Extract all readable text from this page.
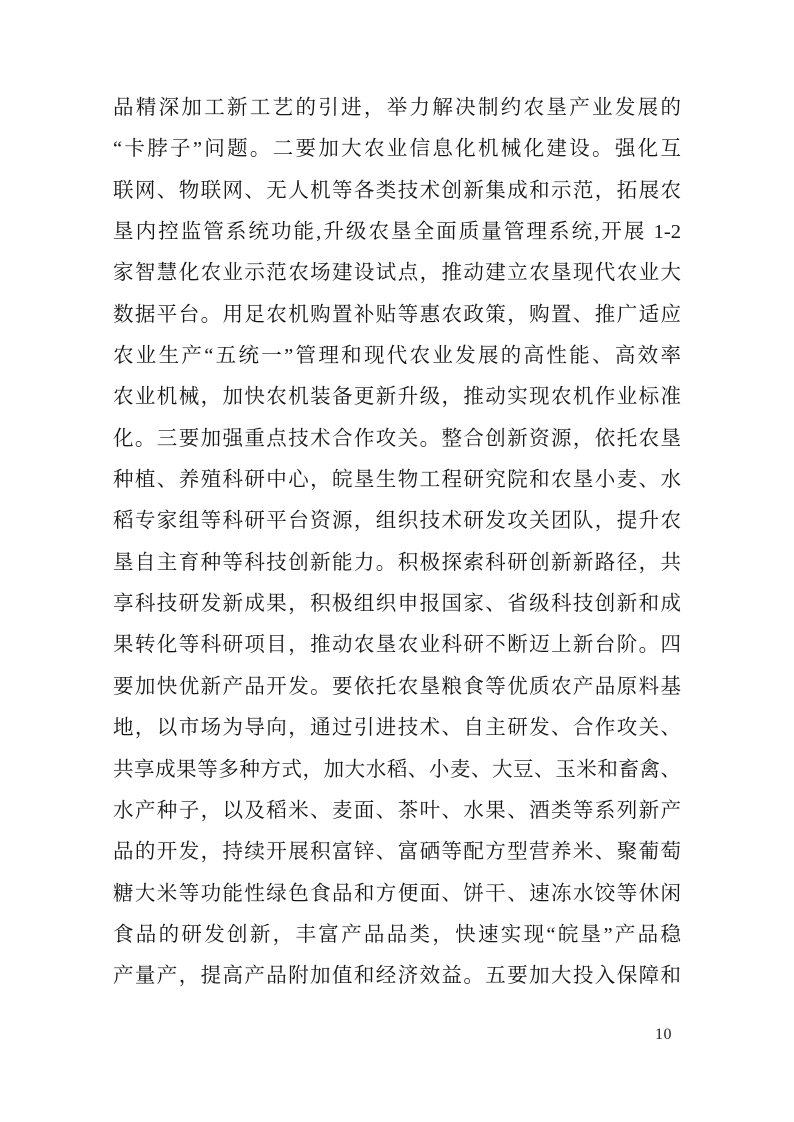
品精深加工新工艺的引进，举力解决制约农垦产业发展的
“卡脖子”问题。二要加大农业信息化机械化建设。强化互
联网、物联网、无人机等各类技术创新集成和示范，拓展农
垦内控监管系统功能,升级农垦全面质量管理系统,开展 1-2
家智慧化农业示范农场建设试点，推动建立农垦现代农业大
数据平台。用足农机购置补贴等惠农政策，购置、推广适应
农业生产“五统一”管理和现代农业发展的高性能、高效率
农业机械，加快农机装备更新升级，推动实现农机作业标准
化。三要加强重点技术合作攻关。整合创新资源，依托农垦
种植、养殖科研中心，皖垦生物工程研究院和农垦小麦、水
稻专家组等科研平台资源，组织技术研发攻关团队，提升农
垦自主育种等科技创新能力。积极探索科研创新新路径，共
享科技研发新成果，积极组织申报国家、省级科技创新和成
果转化等科研项目，推动农垦农业科研不断迈上新台阶。四
要加快优新产品开发。要依托农垦粮食等优质农产品原料基
地，以市场为导向，通过引进技术、自主研发、合作攻关、
共享成果等多种方式，加大水稻、小麦、大豆、玉米和畜禽、
水产种子，以及稻米、麦面、茶叶、水果、酒类等系列新产
品的开发，持续开展积富锌、富硒等配方型营养米、聚葡萄
糖大米等功能性绿色食品和方便面、饼干、速冻水饺等休闲
食品的研发创新，丰富产品品类，快速实现“皖垦”产品稳
产量产，提高产品附加值和经济效益。五要加大投入保障和
10
